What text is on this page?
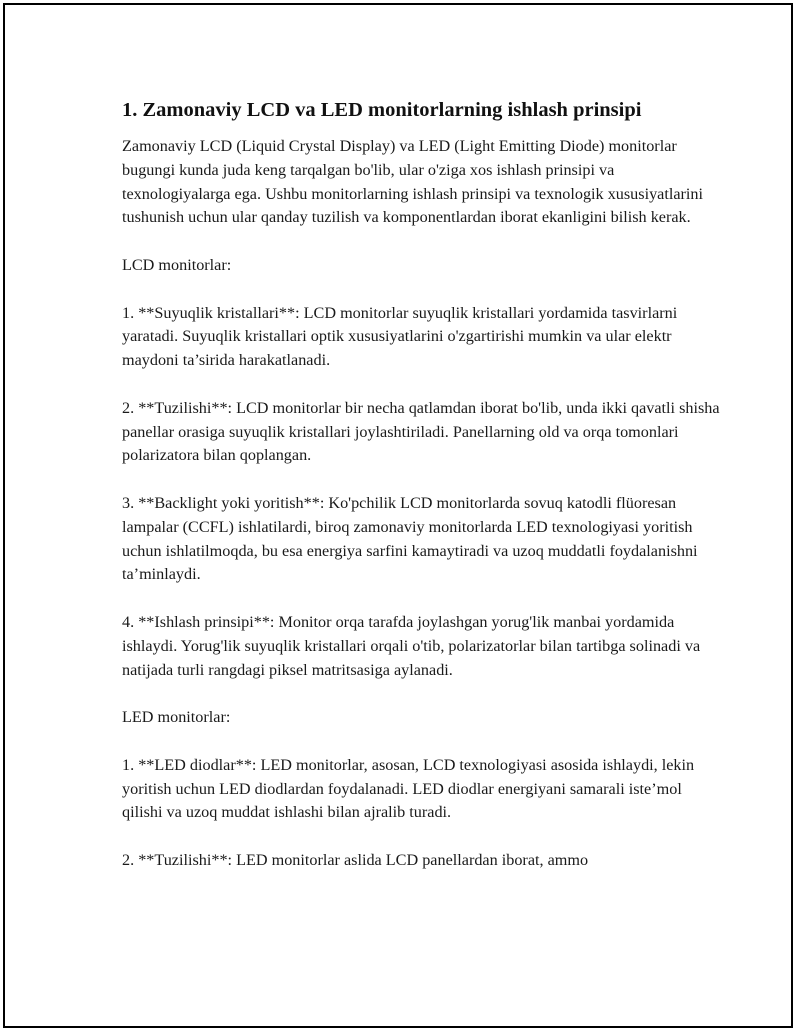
1. Zamonaviy LCD va LED monitorlarning ishlash prinsipi

Zamonaviy LCD (Liquid Crystal Display) va LED (Light Emitting Diode) monitorlar bugungi kunda juda keng tarqalgan bo'lib, ular o'ziga xos ishlash prinsipi va texnologiyalarga ega. Ushbu monitorlarning ishlash prinsipi va texnologik xususiyatlarini tushunish uchun ular qanday tuzilish va komponentlardan iborat ekanligini bilish kerak.

LCD monitorlar:

1. **Suyuqlik kristallari**: LCD monitorlar suyuqlik kristallari yordamida tasvirlarni yaratadi. Suyuqlik kristallari optik xususiyatlarini o'zgartirishi mumkin va ular elektr maydoni ta’sirida harakatlanadi.

2. **Tuzilishi**: LCD monitorlar bir necha qatlamdan iborat bo'lib, unda ikki qavatli shisha panellar orasiga suyuqlik kristallari joylashtiriladi. Panellarning old va orqa tomonlari polarizatora bilan qoplangan.

3. **Backlight yoki yoritish**: Ko'pchilik LCD monitorlarda sovuq katodli flüoresan lampalar (CCFL) ishlatilardi, biroq zamonaviy monitorlarda LED texnologiyasi yoritish uchun ishlatilmoqda, bu esa energiya sarfini kamaytiradi va uzoq muddatli foydalanishni ta’minlaydi.

4. **Ishlash prinsipi**: Monitor orqa tarafda joylashgan yorug'lik manbai yordamida ishlaydi. Yorug'lik suyuqlik kristallari orqali o'tib, polarizatorlar bilan tartibga solinadi va natijada turli rangdagi piksel matritsasiga aylanadi.

LED monitorlar:

1. **LED diodlar**: LED monitorlar, asosan, LCD texnologiyasi asosida ishlaydi, lekin yoritish uchun LED diodlardan foydalanadi. LED diodlar energiyani samarali iste’mol qilishi va uzoq muddat ishlashi bilan ajralib turadi.

2. **Tuzilishi**: LED monitorlar aslida LCD panellardan iborat, ammo
